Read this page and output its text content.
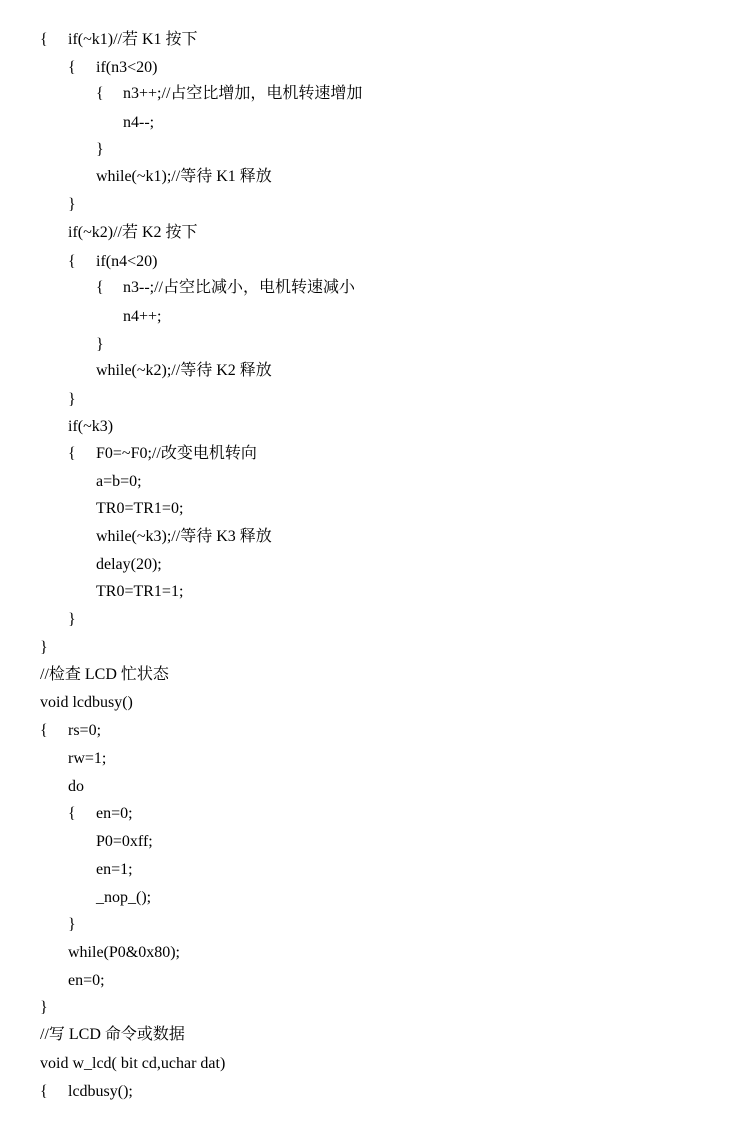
{ if(~k1)//若 K1 按下
{ if(n3<20)
{ n3++;//占空比增加，电机转速增加
n4--;
}
while(~k1);//等待 K1 释放
}
if(~k2)//若 K2 按下
{ if(n4<20)
{ n3--;//占空比减小，电机转速减小
n4++;
}
while(~k2);//等待 K2 释放
}
if(~k3)
{ F0=~F0;//改变电机转向
a=b=0;
TR0=TR1=0;
while(~k3);//等待 K3 释放
delay(20);
TR0=TR1=1;
}
}
//检查 LCD 忙状态
void lcdbusy()
{ rs=0;
rw=1;
do
{ en=0;
P0=0xff;
en=1;
_nop_();
}
while(P0&0x80);
en=0;
}
//写 LCD 命令或数据
void w_lcd( bit cd,uchar dat)
{ lcdbusy();
